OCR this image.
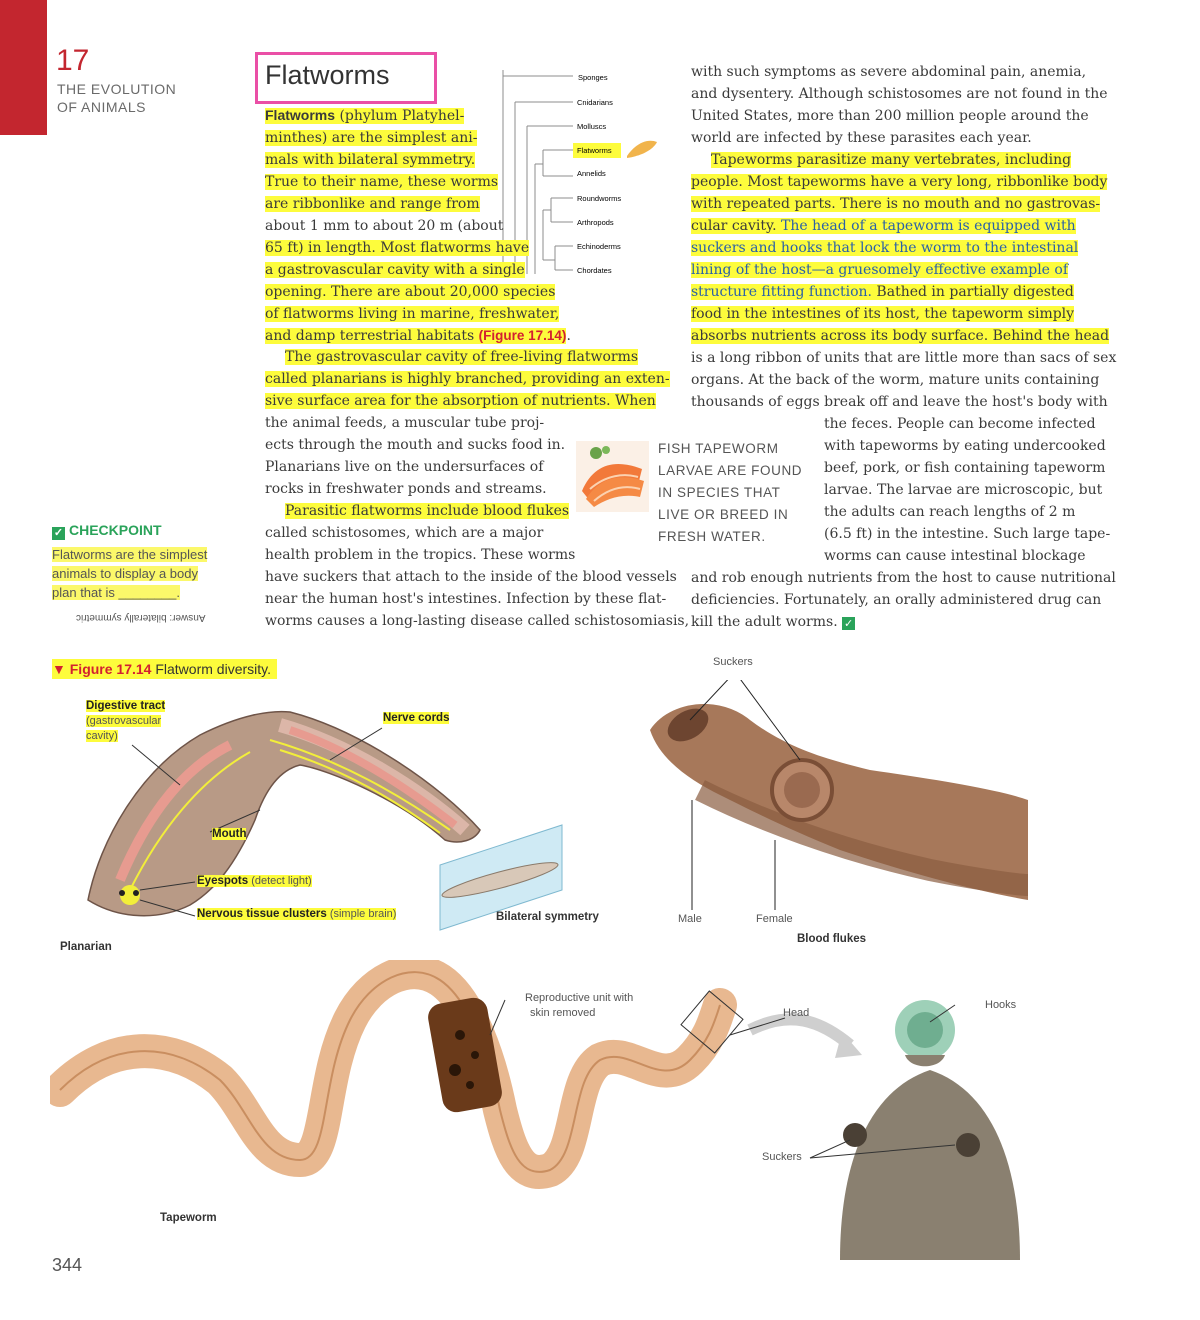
17
THE EVOLUTION
OF ANIMALS
Flatworms	Sponges
Cnidarians
Molluscs
Flatworms
Annelids
Roundworms
Arthropods
Echinoderms
Chordates

Flatworms (phylum Platyhel-

minthes) are the simplest ani-

mals with bilateral symmetry.

True to their name, these worms

are ribbonlike and range from

about 1 mm to about 20 m (about

65 ft) in length. Most flatworms have

a gastrovascular cavity with a single

opening. There are about 20,000 species

of flatworms living in marine, freshwater,

and damp terrestrial habitats (Figure 17.14).

The gastrovascular cavity of free-living flatworms

called planarians is highly branched, providing an exten-

sive surface area for the absorption of nutrients. When

the animal feeds, a muscular tube proj-

ects through the mouth and sucks food in.

Planarians live on the undersurfaces of

rocks in freshwater ponds and streams.

Parasitic flatworms include blood flukes

called schistosomes, which are a major

health problem in the tropics. These worms

have suckers that attach to the inside of the blood vessels

near the human host's intestines. Infection by these flat-

worms causes a long-lasting disease called schistosomiasis,

with such symptoms as severe abdominal pain, anemia,

and dysentery. Although schistosomes are not found in the

United States, more than 200 million people around the

world are infected by these parasites each year.

Tapeworms parasitize many vertebrates, including

people. Most tapeworms have a very long, ribbonlike body

with repeated parts. There is no mouth and no gastrovas-

cular cavity. The head of a tapeworm is equipped with

suckers and hooks that lock the worm to the intestinal

lining of the host—a gruesomely effective example of

structure fitting function. Bathed in partially digested

food in the intestines of its host, the tapeworm simply

absorbs nutrients across its body surface. Behind the head

is a long ribbon of units that are little more than sacs of sex

organs. At the back of the worm, mature units containing

thousands of eggs break off and leave the host's body with

the feces. People can become infected

with tapeworms by eating undercooked

beef, pork, or fish containing tapeworm

larvae. The larvae are microscopic, but

the adults can reach lengths of 2 m

(6.5 ft) in the intestine. Such large tape-

worms can cause intestinal blockage

and rob enough nutrients from the host to cause nutritional

deficiencies. Fortunately, an orally administered drug can

kill the adult worms. ✓

FISH TAPEWORM
LARVAE ARE FOUND
IN SPECIES THAT
LIVE OR BREED IN
FRESH WATER.
✓ CHECKPOINT
Flatworms are the simplest
animals to display a body
plan that is ________.
Answer: bilaterally symmetric
▼ Figure 17.14 Flatworm diversity.
Digestive tract
(gastrovascular
cavity)
Nerve cords
Mouth
Eyespots (detect light)
Nervous tissue clusters (simple brain)	Bilateral symmetry
Planarian
Suckers
Male	Female
Blood flukes
Reproductive unit with
skin removed	Head
Hooks
Suckers
Tapeworm
344
